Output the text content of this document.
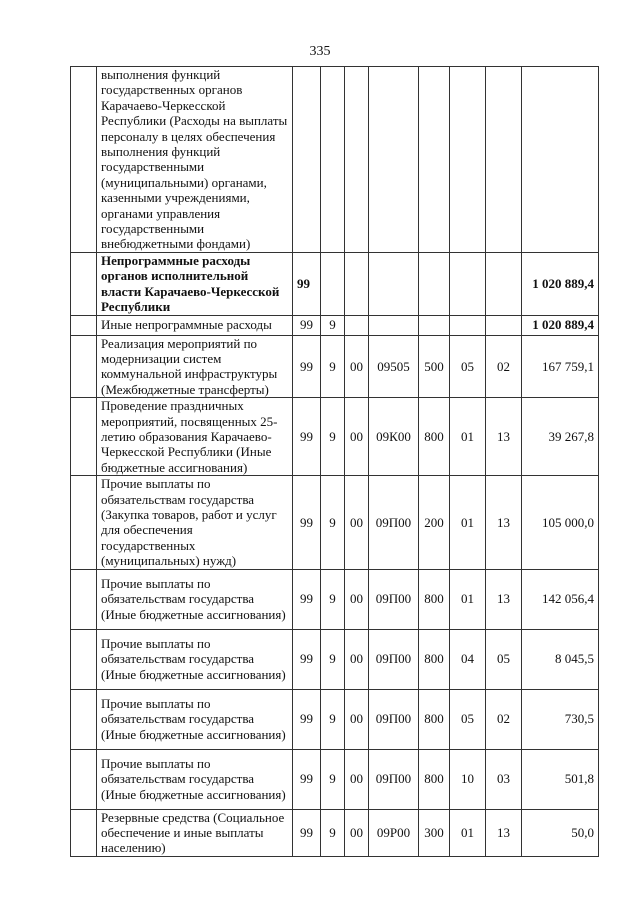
335
	выполнения функций государственных органов Карачаево-Черкесской Республики (Расходы на выплаты персоналу в целях обеспечения выполнения функций государственными (муниципальными) органами, казенными учреждениями, органами управления государственными внебюджетными фондами)								
	Непрограммные расходы органов исполнительной власти Карачаево-Черкесской Республики	99							1 020 889,4
	Иные непрограммные расходы	99	9						1 020 889,4
	Реализация мероприятий по модернизации систем коммунальной инфраструктуры (Межбюджетные трансферты)	99	9	00	09505	500	05	02	167 759,1
	Проведение праздничных мероприятий, посвященных 25-летию образования Карачаево-Черкесской Республики (Иные бюджетные ассигнования)	99	9	00	09К00	800	01	13	39 267,8
	Прочие выплаты по обязательствам государства (Закупка товаров, работ и услуг для обеспечения государственных (муниципальных) нужд)	99	9	00	09П00	200	01	13	105 000,0
	Прочие выплаты по обязательствам государства (Иные бюджетные ассигнования)	99	9	00	09П00	800	01	13	142 056,4
	Прочие выплаты по обязательствам государства (Иные бюджетные ассигнования)	99	9	00	09П00	800	04	05	8 045,5
	Прочие выплаты по обязательствам государства (Иные бюджетные ассигнования)	99	9	00	09П00	800	05	02	730,5
	Прочие выплаты по обязательствам государства (Иные бюджетные ассигнования)	99	9	00	09П00	800	10	03	501,8
	Резервные средства (Социальное обеспечение и иные выплаты населению)	99	9	00	09Р00	300	01	13	50,0
